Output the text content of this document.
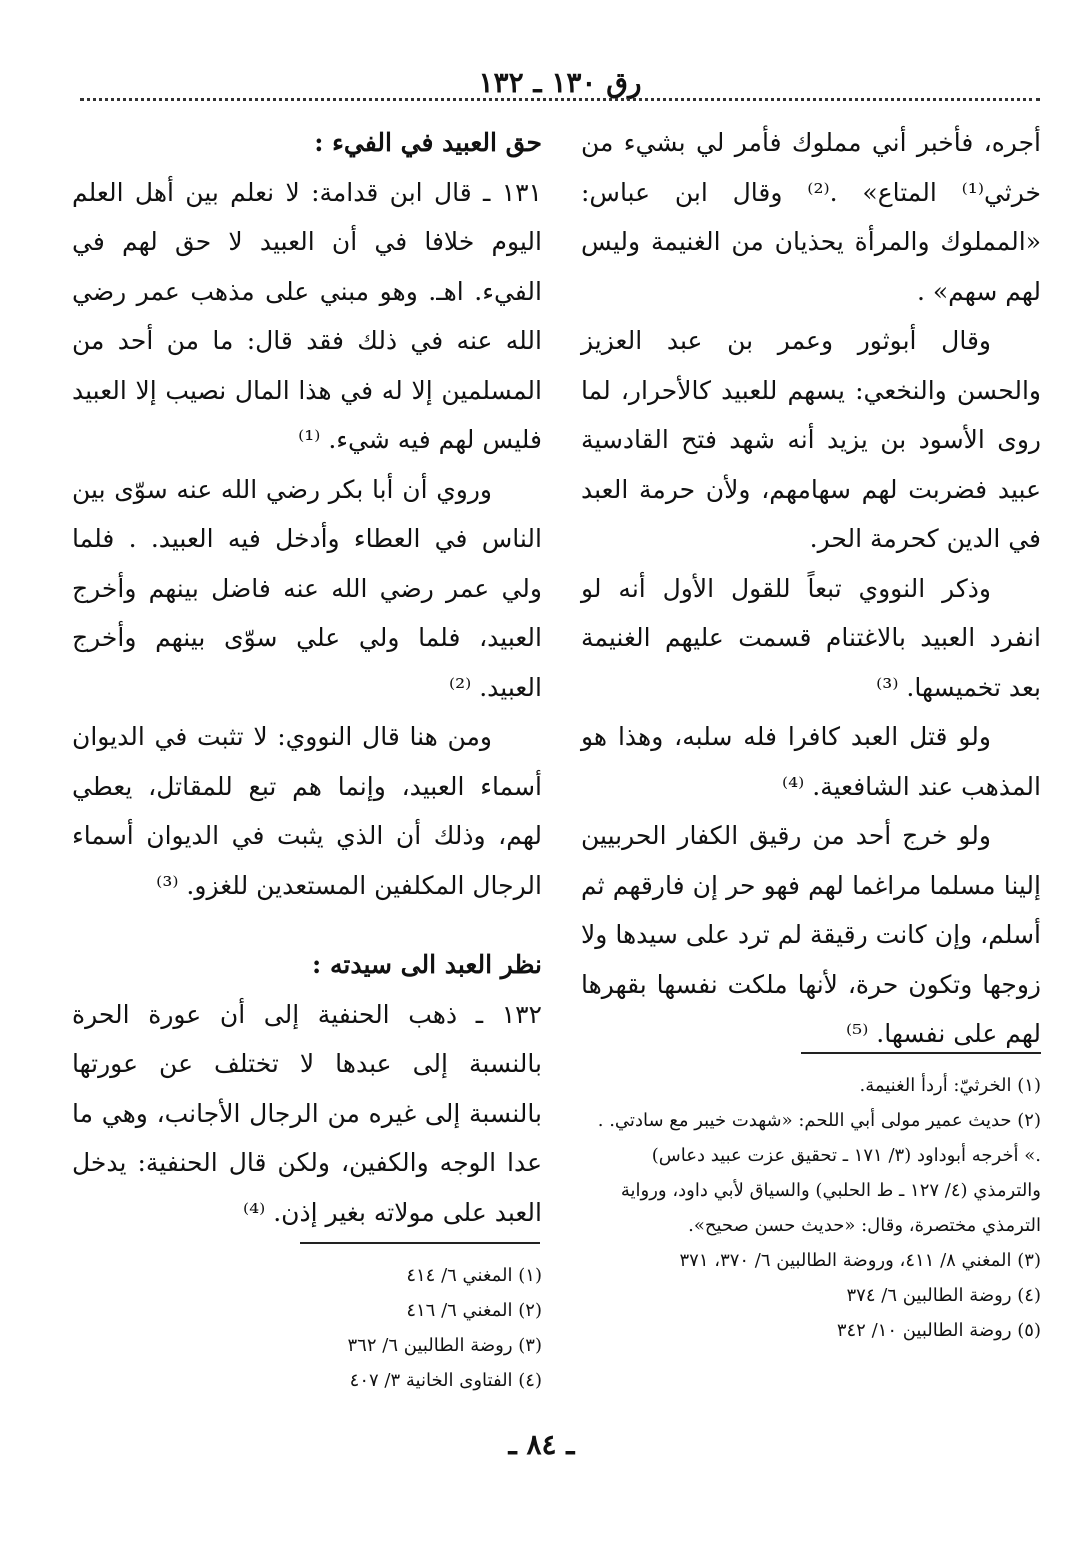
رق ١٣٠ ـ ١٣٢

أجره، فأخبر أني مملوك فأمر لي بشيء من خرثي⁽¹⁾ المتاع» .⁽²⁾ وقال ابن عباس: «المملوك والمرأة يحذيان من الغنيمة وليس لهم سهم» .

وقال أبوثور وعمر بن عبد العزيز والحسن والنخعي: يسهم للعبيد كالأحرار، لما روى الأسود بن يزيد أنه شهد فتح القادسية عبيد فضربت لهم سهامهم، ولأن حرمة العبد في الدين كحرمة الحر.

وذكر النووي تبعاً للقول الأول أنه لو انفرد العبيد بالاغتنام قسمت عليهم الغنيمة بعد تخميسها. ⁽³⁾

ولو قتل العبد كافرا فله سلبه، وهذا هو المذهب عند الشافعية. ⁽⁴⁾

ولو خرج أحد من رقيق الكفار الحربيين إلينا مسلما مراغما لهم فهو حر إن فارقهم ثم أسلم، وإن كانت رقيقة لم ترد على سيدها ولا زوجها وتكون حرة، لأنها ملكت نفسها بقهرها لهم على نفسها. ⁽⁵⁾

(١) الخرثيّ: أردأ الغنيمة.

(٢) حديث عمير مولى أبي اللحم: «شهدت خيبر مع سادتي. . .» أخرجه أبوداود (٣/ ١٧١ ـ تحقيق عزت عبيد دعاس) والترمذي (٤/ ١٢٧ ـ ط الحلبي) والسياق لأبي داود، ورواية الترمذي مختصرة، وقال: «حديث حسن صحيح».

(٣) المغني ٨/ ٤١١، وروضة الطالبين ٦/ ٣٧٠، ٣٧١

(٤) روضة الطالبين ٦/ ٣٧٤

(٥) روضة الطالبين ١٠/ ٣٤٢

حق العبيد في الفيء :

١٣١ ـ قال ابن قدامة: لا نعلم بين أهل العلم اليوم خلافا في أن العبيد لا حق لهم في الفيء. اهـ. وهو مبني على مذهب عمر رضي الله عنه في ذلك فقد قال: ما من أحد من المسلمين إلا له في هذا المال نصيب إلا العبيد فليس لهم فيه شيء. ⁽¹⁾

وروي أن أبا بكر رضي الله عنه سوّى بين الناس في العطاء وأدخل فيه العبيد. . فلما ولي عمر رضي الله عنه فاضل بينهم وأخرج العبيد، فلما ولي علي سوّى بينهم وأخرج العبيد. ⁽²⁾

ومن هنا قال النووي: لا تثبت في الديوان أسماء العبيد، وإنما هم تبع للمقاتل، يعطي لهم، وذلك أن الذي يثبت في الديوان أسماء الرجال المكلفين المستعدين للغزو. ⁽³⁾

نظر العبد الى سيدته :

١٣٢ ـ ذهب الحنفية إلى أن عورة الحرة بالنسبة إلى عبدها لا تختلف عن عورتها بالنسبة إلى غيره من الرجال الأجانب، وهي ما عدا الوجه والكفين، ولكن قال الحنفية: يدخل العبد على مولاته بغير إذن. ⁽⁴⁾

(١) المغني ٦/ ٤١٤

(٢) المغني ٦/ ٤١٦

(٣) روضة الطالبين ٦/ ٣٦٢

(٤) الفتاوى الخانية ٣/ ٤٠٧

ـ ٨٤ ـ
